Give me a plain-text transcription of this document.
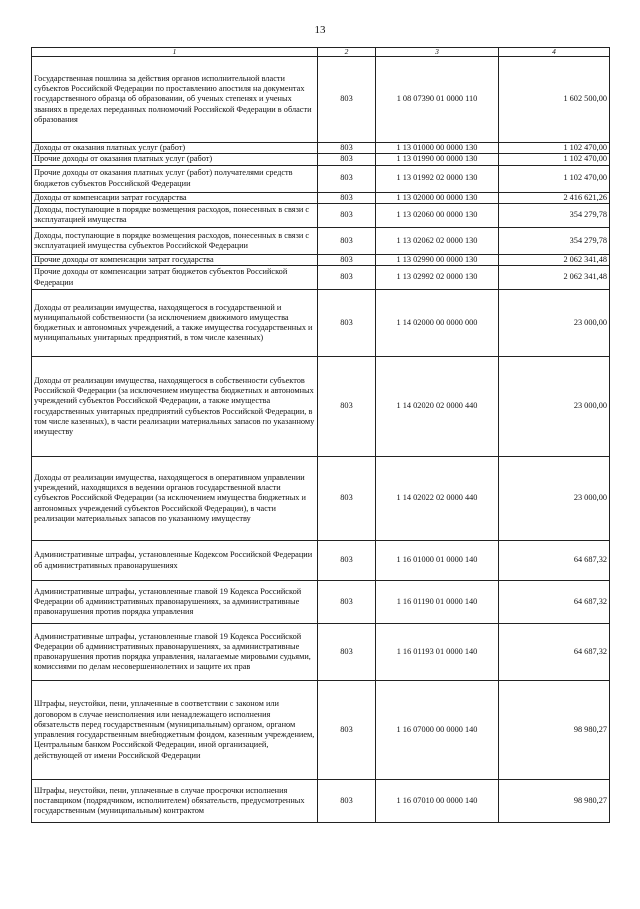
13
1	2	3	4
Государственная пошлина за действия органов исполнительной власти субъектов Российской Федерации по проставлению апостиля на документах государственного образца об образовании, об ученых степенях и ученых званиях в пределах переданных полномочий Российской Федерации в области образования	803	1 08 07390 01 0000 110	1 602 500,00
Доходы от оказания платных услуг (работ)	803	1 13 01000 00 0000 130	1 102 470,00
Прочие доходы от оказания платных услуг (работ)	803	1 13 01990 00 0000 130	1 102 470,00
Прочие доходы от оказания платных услуг (работ) получателями средств бюджетов субъектов Российской Федерации	803	1 13 01992 02 0000 130	1 102 470,00
Доходы от компенсации затрат государства	803	1 13 02000 00 0000 130	2 416 621,26
Доходы, поступающие в порядке возмещения расходов, понесенных в связи с эксплуатацией имущества	803	1 13 02060 00 0000 130	354 279,78
Доходы, поступающие в порядке возмещения расходов, понесенных в связи с эксплуатацией имущества субъектов Российской Федерации	803	1 13 02062 02 0000 130	354 279,78
Прочие доходы от компенсации затрат государства	803	1 13 02990 00 0000 130	2 062 341,48
Прочие доходы от компенсации затрат бюджетов субъектов Российской Федерации	803	1 13 02992 02 0000 130	2 062 341,48
Доходы от реализации имущества, находящегося в государственной и муниципальной собственности (за исключением движимого имущества бюджетных и автономных учреждений, а также имущества государственных и муниципальных унитарных предприятий, в том числе казенных)	803	1 14 02000 00 0000 000	23 000,00
Доходы от реализации имущества, находящегося в собственности субъектов Российской Федерации (за исключением имущества бюджетных и автономных учреждений субъектов Российской Федерации, а также имущества государственных унитарных предприятий субъектов Российской Федерации, в том числе казенных), в части реализации материальных запасов по указанному имуществу	803	1 14 02020 02 0000 440	23 000,00
Доходы от реализации имущества, находящегося в оперативном управлении учреждений, находящихся в ведении органов государственной власти субъектов Российской Федерации (за исключением имущества бюджетных и автономных учреждений субъектов Российской Федерации), в части реализации материальных запасов по указанному имуществу	803	1 14 02022 02 0000 440	23 000,00
Административные штрафы, установленные Кодексом Российской Федерации об административных правонарушениях	803	1 16 01000 01 0000 140	64 687,32
Административные штрафы, установленные главой 19 Кодекса Российской Федерации об административных правонарушениях, за административные правонарушения против порядка управления	803	1 16 01190 01 0000 140	64 687,32
Административные штрафы, установленные главой 19 Кодекса Российской Федерации об административных правонарушениях, за административные правонарушения против порядка управления, налагаемые мировыми судьями, комиссиями по делам несовершеннолетних и защите их прав	803	1 16 01193 01 0000 140	64 687,32
Штрафы, неустойки, пени, уплаченные в соответствии с законом или договором в случае неисполнения или ненадлежащего исполнения обязательств перед государственным (муниципальным) органом, органом управления государственным внебюджетным фондом, казенным учреждением, Центральным банком Российской Федерации, иной организацией, действующей от имени Российской Федерации	803	1 16 07000 00 0000 140	98 980,27
Штрафы, неустойки, пени, уплаченные в случае просрочки исполнения поставщиком (подрядчиком, исполнителем) обязательств, предусмотренных государственным (муниципальным) контрактом	803	1 16 07010 00 0000 140	98 980,27
